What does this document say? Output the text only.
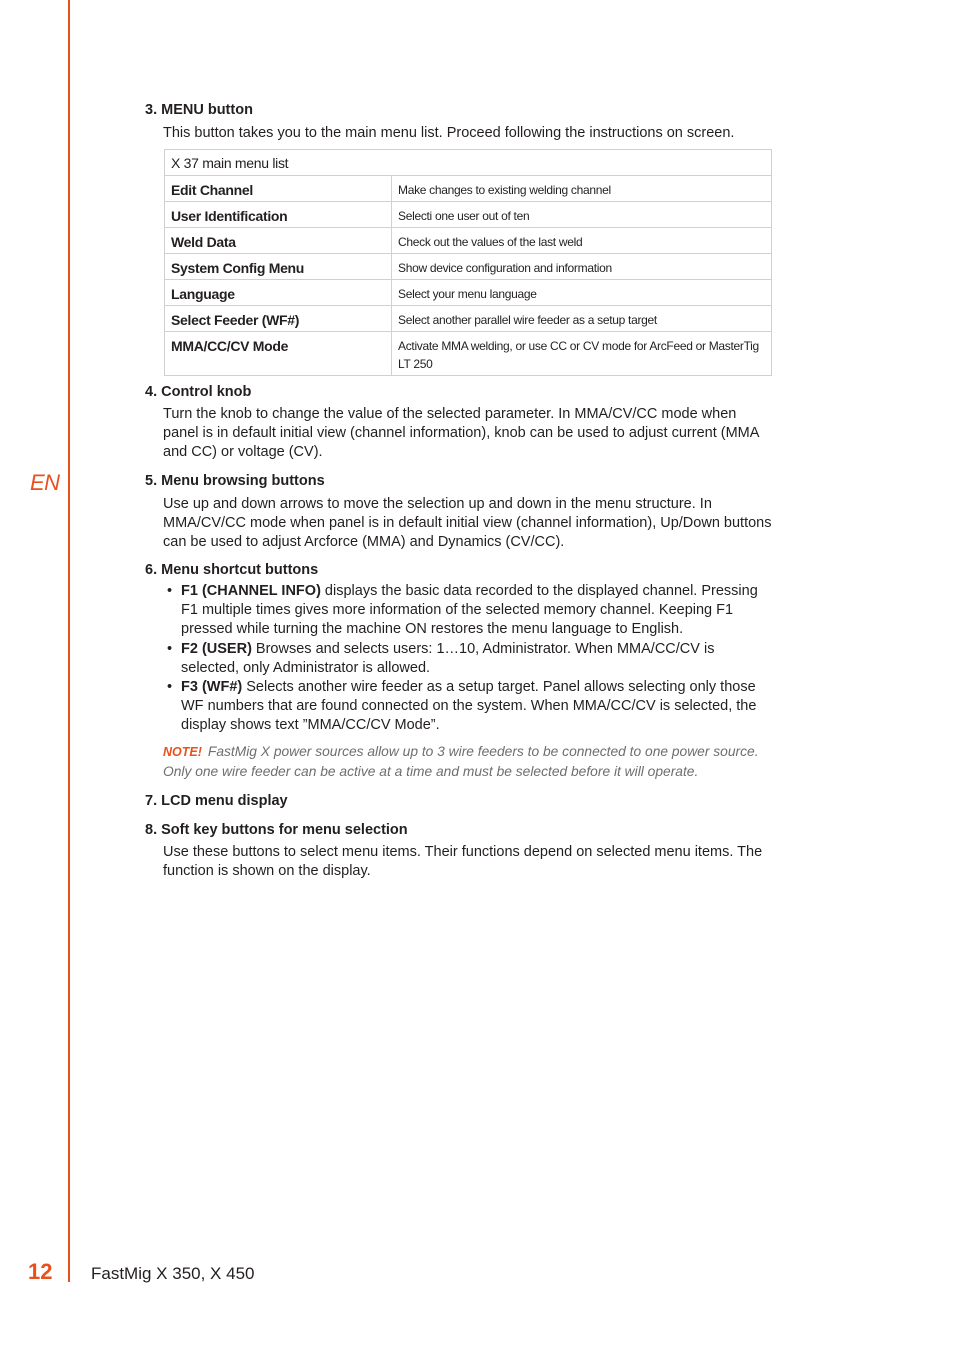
EN
3. MENU button
This button takes you to the main menu list. Proceed following the instructions on screen.
X 37 main menu list	
Edit Channel	Make changes to existing welding channel
User Identification	Selecti one user out of ten
Weld Data	Check out the values of the last weld
System Config Menu	Show device configuration and information
Language	Select your menu language
Select Feeder (WF#)	Select another parallel wire feeder as a setup target
MMA/CC/CV Mode	Activate MMA welding, or use CC or CV mode for ArcFeed or MasterTig LT 250
4. Control knob
Turn the knob to change the value of the selected parameter. In MMA/CV/CC mode when panel is in default initial view (channel information), knob can be used to adjust current (MMA and CC) or voltage (CV).
5. Menu browsing buttons
Use up and down arrows to move the selection up and down in the menu structure. In MMA/CV/CC mode when panel is in default initial view (channel information), Up/Down buttons can be used to adjust Arcforce (MMA) and Dynamics (CV/CC).
6. Menu shortcut buttons
• F1 (CHANNEL INFO) displays the basic data recorded to the displayed channel. Pressing F1 multiple times gives more information of the selected memory channel. Keeping F1 pressed while turning the machine ON restores the menu language to English.
• F2 (USER) Browses and selects users: 1…10, Administrator. When MMA/CC/CV is selected, only Administrator is allowed.
• F3 (WF#) Selects another wire feeder as a setup target. Panel allows selecting only those WF numbers that are found connected on the system. When MMA/CC/CV is selected, the display shows text ”MMA/CC/CV Mode”.
NOTE! FastMig X power sources allow up to 3 wire feeders to be connected to one power source. Only one wire feeder can be active at a time and must be selected before it will operate.
7. LCD menu display
8. Soft key buttons for menu selection
Use these buttons to select menu items. Their functions depend on selected menu items. The function is shown on the display.
12 FastMig X 350, X 450
